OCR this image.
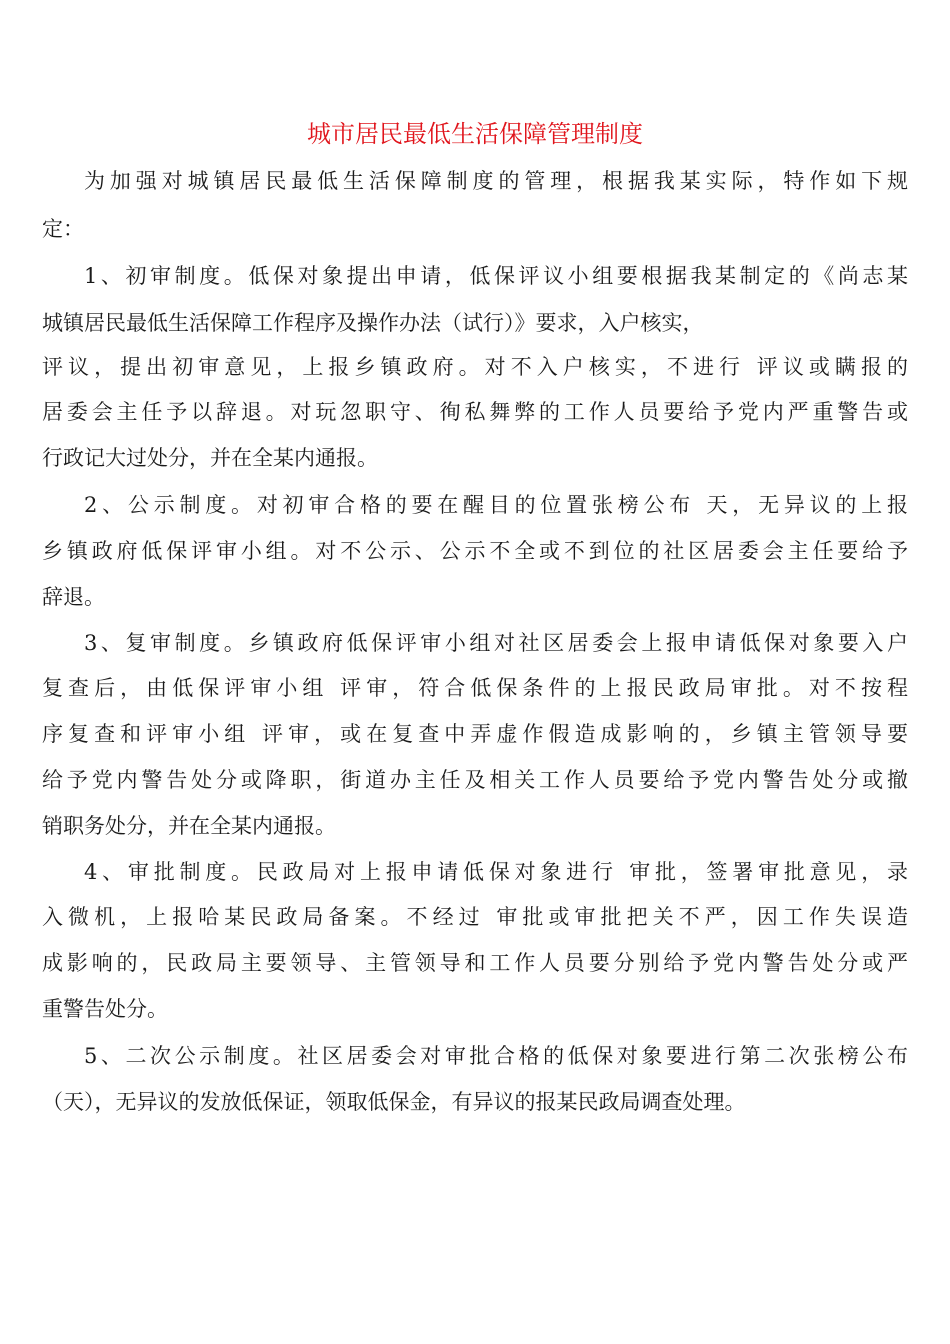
城市居民最低生活保障管理制度
为加强对城镇居民最低生活保障制度的管理，根据我某实际，特作如下规
定：
1、初审制度。低保对象提出申请，低保评议小组要根据我某制定的《尚志某
城镇居民最低生活保障工作程序及操作办法（试行）》要求，入户核实，
评议，提出初审意见，上报乡镇政府。对不入户核实，不进行 评议或瞒报的
居委会主任予以辞退。对玩忽职守、徇私舞弊的工作人员要给予党内严重警告或
行政记大过处分，并在全某内通报。
2、公示制度。对初审合格的要在醒目的位置张榜公布 天，无异议的上报
乡镇政府低保评审小组。对不公示、公示不全或不到位的社区居委会主任要给予
辞退。
3、复审制度。乡镇政府低保评审小组对社区居委会上报申请低保对象要入户
复查后，由低保评审小组 评审，符合低保条件的上报民政局审批。对不按程
序复查和评审小组 评审，或在复查中弄虚作假造成影响的，乡镇主管领导要
给予党内警告处分或降职，街道办主任及相关工作人员要给予党内警告处分或撤
销职务处分，并在全某内通报。
4、审批制度。民政局对上报申请低保对象进行 审批，签署审批意见，录
入微机，上报哈某民政局备案。不经过 审批或审批把关不严，因工作失误造
成影响的，民政局主要领导、主管领导和工作人员要分别给予党内警告处分或严
重警告处分。
5、二次公示制度。社区居委会对审批合格的低保对象要进行第二次张榜公布
（天），无异议的发放低保证，领取低保金，有异议的报某民政局调查处理。
